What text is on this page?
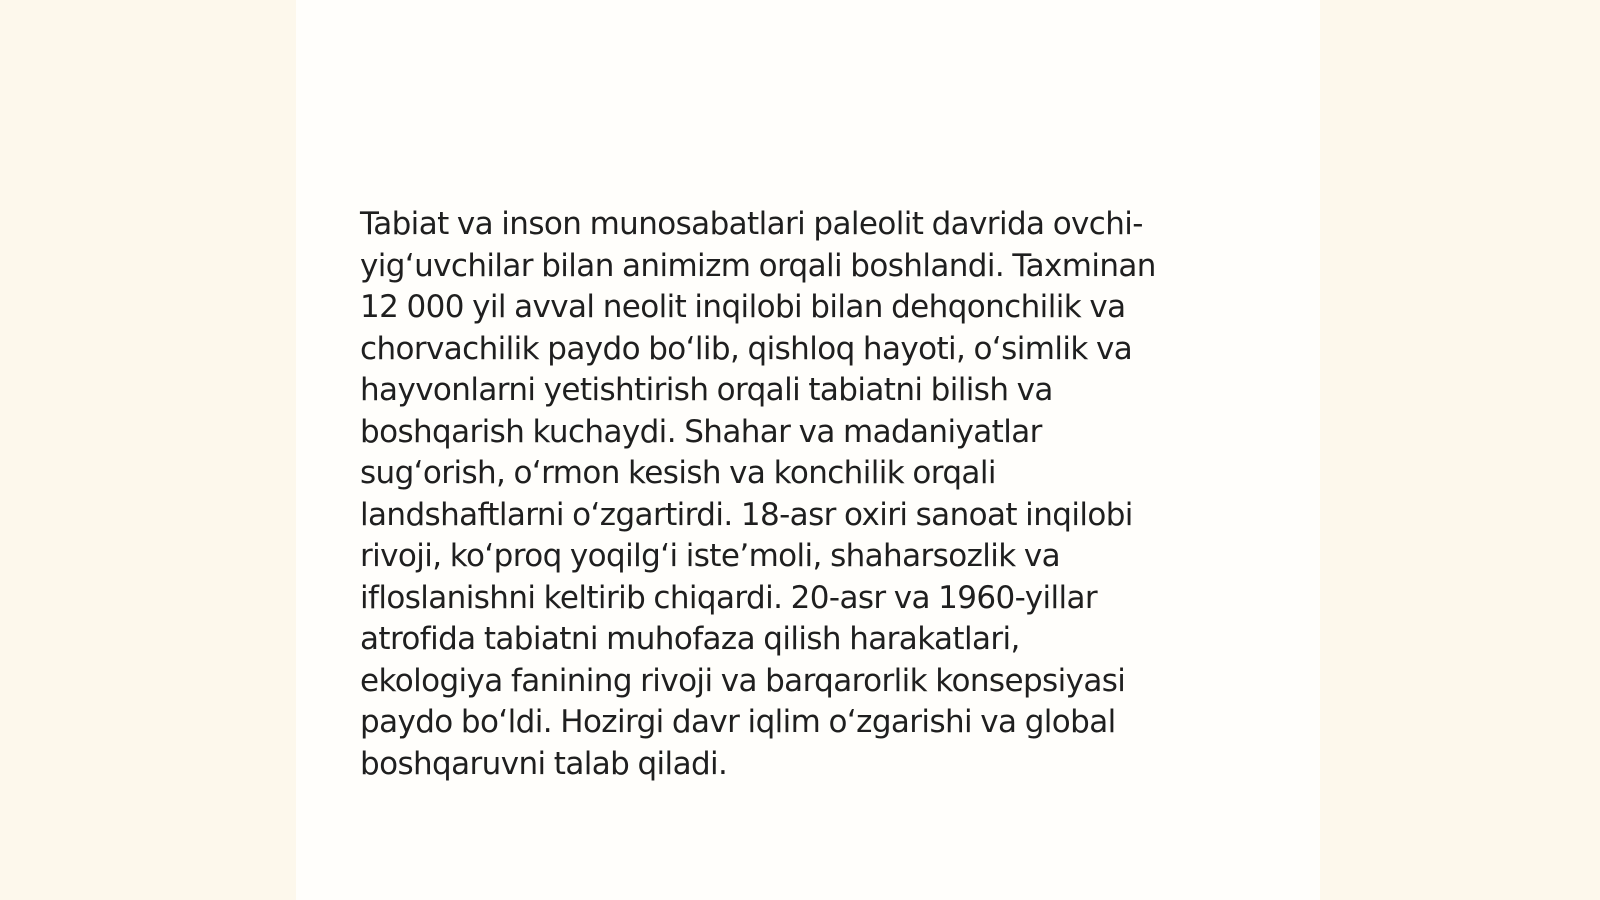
Tabiat va inson munosabatlari paleolit davrida ovchi-
yig‘uvchilar bilan animizm orqali boshlandi. Taxminan
12 000 yil avval neolit inqilobi bilan dehqonchilik va
chorvachilik paydo bo‘lib, qishloq hayoti, o‘simlik va
hayvonlarni yetishtirish orqali tabiatni bilish va
boshqarish kuchaydi. Shahar va madaniyatlar
sug‘orish, o‘rmon kesish va konchilik orqali
landshaftlarni o‘zgartirdi. 18-asr oxiri sanoat inqilobi
rivoji, ko‘proq yoqilg‘i iste’moli, shaharsozlik va
ifloslanishni keltirib chiqardi. 20-asr va 1960-yillar
atrofida tabiatni muhofaza qilish harakatlari,
ekologiya fanining rivoji va barqarorlik konsepsiyasi
paydo bo‘ldi. Hozirgi davr iqlim o‘zgarishi va global
boshqaruvni talab qiladi.
